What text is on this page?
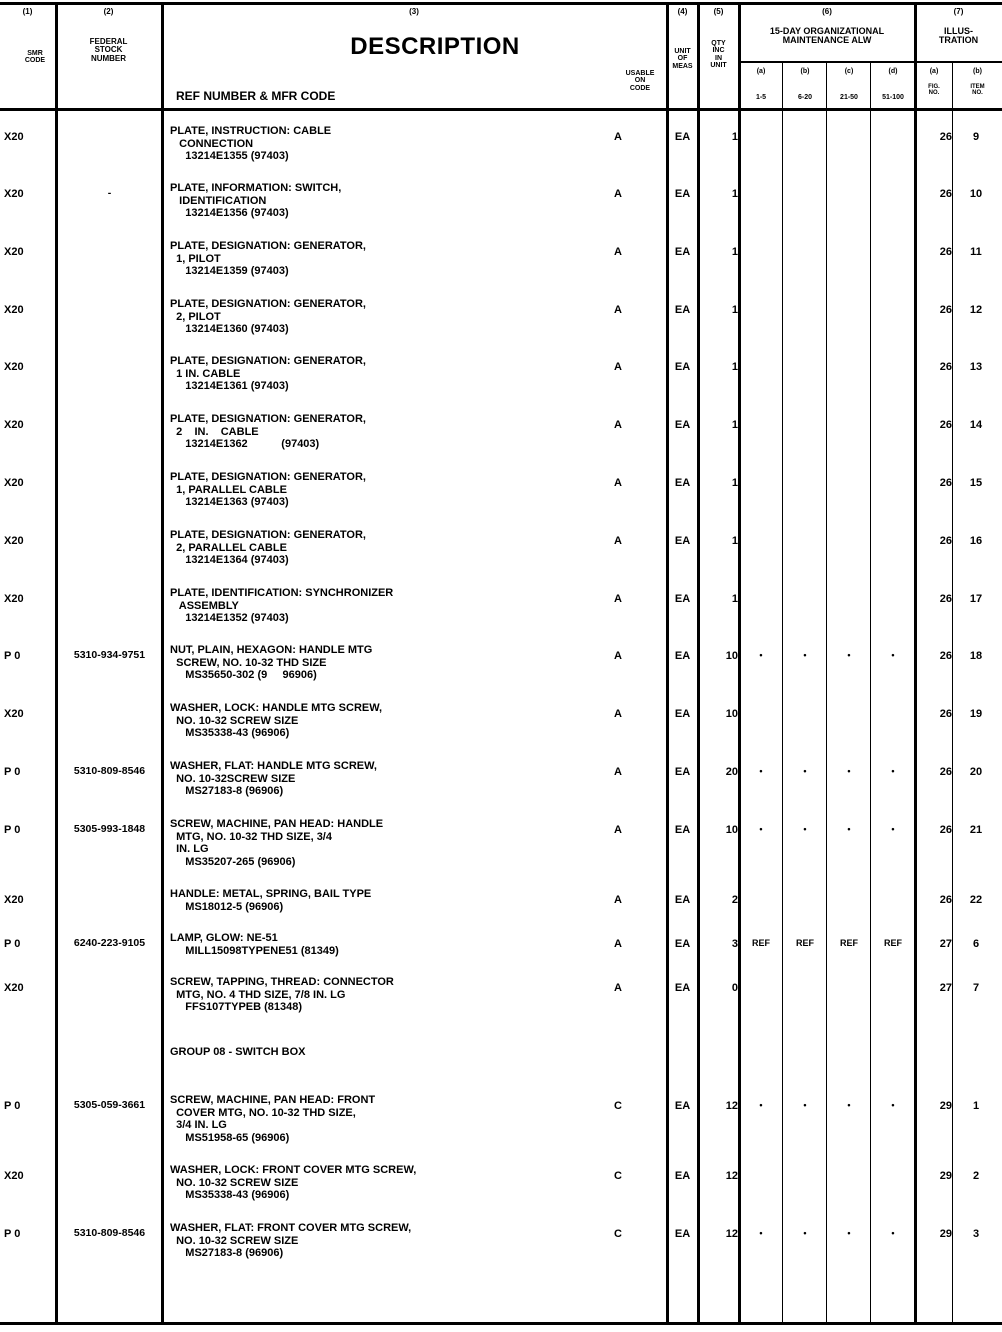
(1)
SMR
CODE
(2)
FEDERAL
STOCK
NUMBER
(3)
DESCRIPTION
REF NUMBER & MFR CODE
USABLE
ON
CODE
(4)
UNIT
OF
MEAS
(5)
QTY
INC
IN
UNIT
(6)
15-DAY ORGANIZATIONAL
MAINTENANCE ALW
(a)	(b)	(c)	(d)
1-5	6-20	21-50	51-100
(7)
ILLUS-
TRATION
(a)	(b)
FIG.
NO.
ITEM
NO.
X20	PLATE, INSTRUCTION: CABLE
CONNECTION
13214E1355 (97403)
A	EA	1	26	9
X20	-	PLATE, INFORMATION: SWITCH,
IDENTIFICATION
13214E1356 (97403)
A	EA	1	26	10
X20	PLATE, DESIGNATION: GENERATOR,
1, PILOT
13214E1359 (97403)
A	EA	1	26	11
X20	PLATE, DESIGNATION: GENERATOR,
2, PILOT
13214E1360 (97403)
A	EA	1	26	12
X20	PLATE, DESIGNATION: GENERATOR,
1 IN. CABLE
13214E1361 (97403)
A	EA	1	26	13
X20	PLATE, DESIGNATION: GENERATOR,
2    IN.    CABLE
13214E1362           (97403)
A	EA	1	26	14
X20	PLATE, DESIGNATION: GENERATOR,
1, PARALLEL CABLE
13214E1363 (97403)
A	EA	1	26	15
X20	PLATE, DESIGNATION: GENERATOR,
2, PARALLEL CABLE
13214E1364 (97403)
A	EA	1	26	16
X20	PLATE, IDENTIFICATION: SYNCHRONIZER
ASSEMBLY
13214E1352 (97403)
A	EA	1	26	17
P 0	5310-934-9751	NUT, PLAIN, HEXAGON: HANDLE MTG
SCREW, NO. 10-32 THD SIZE
MS35650-302 (9     96906)
A	EA	10	•	•	•	•	26	18
X20	WASHER, LOCK: HANDLE MTG SCREW,
NO. 10-32 SCREW SIZE
MS35338-43 (96906)
A	EA	10	26	19
P 0	5310-809-8546	WASHER, FLAT: HANDLE MTG SCREW,
NO. 10-32SCREW SIZE
MS27183-8 (96906)
A	EA	20	•	•	•	•	26	20
P 0	5305-993-1848	SCREW, MACHINE, PAN HEAD: HANDLE
MTG, NO. 10-32 THD SIZE, 3/4
IN. LG
MS35207-265 (96906)
A	EA	10	•	•	•	•	26	21
X20	HANDLE: METAL, SPRING, BAIL TYPE
MS18012-5 (96906)
A	EA	2	26	22
P 0	6240-223-9105	LAMP, GLOW: NE-51
MILL15098TYPENE51 (81349)
A	EA	3	REF	REF	REF	REF	27	6
X20	SCREW, TAPPING, THREAD: CONNECTOR
MTG, NO. 4 THD SIZE, 7/8 IN. LG
FFS107TYPEB (81348)
A	EA	0	27	7
GROUP 08 - SWITCH BOX
P 0	5305-059-3661	SCREW, MACHINE, PAN HEAD: FRONT
COVER MTG, NO. 10-32 THD SIZE,
3/4 IN. LG
MS51958-65 (96906)
C	EA	12	•	•	•	•	29	1
X20	WASHER, LOCK: FRONT COVER MTG SCREW,
NO. 10-32 SCREW SIZE
MS35338-43 (96906)
C	EA	12	29	2
P 0	5310-809-8546	WASHER, FLAT: FRONT COVER MTG SCREW,
NO. 10-32 SCREW SIZE
MS27183-8 (96906)
C	EA	12	•	•	•	•	29	3
